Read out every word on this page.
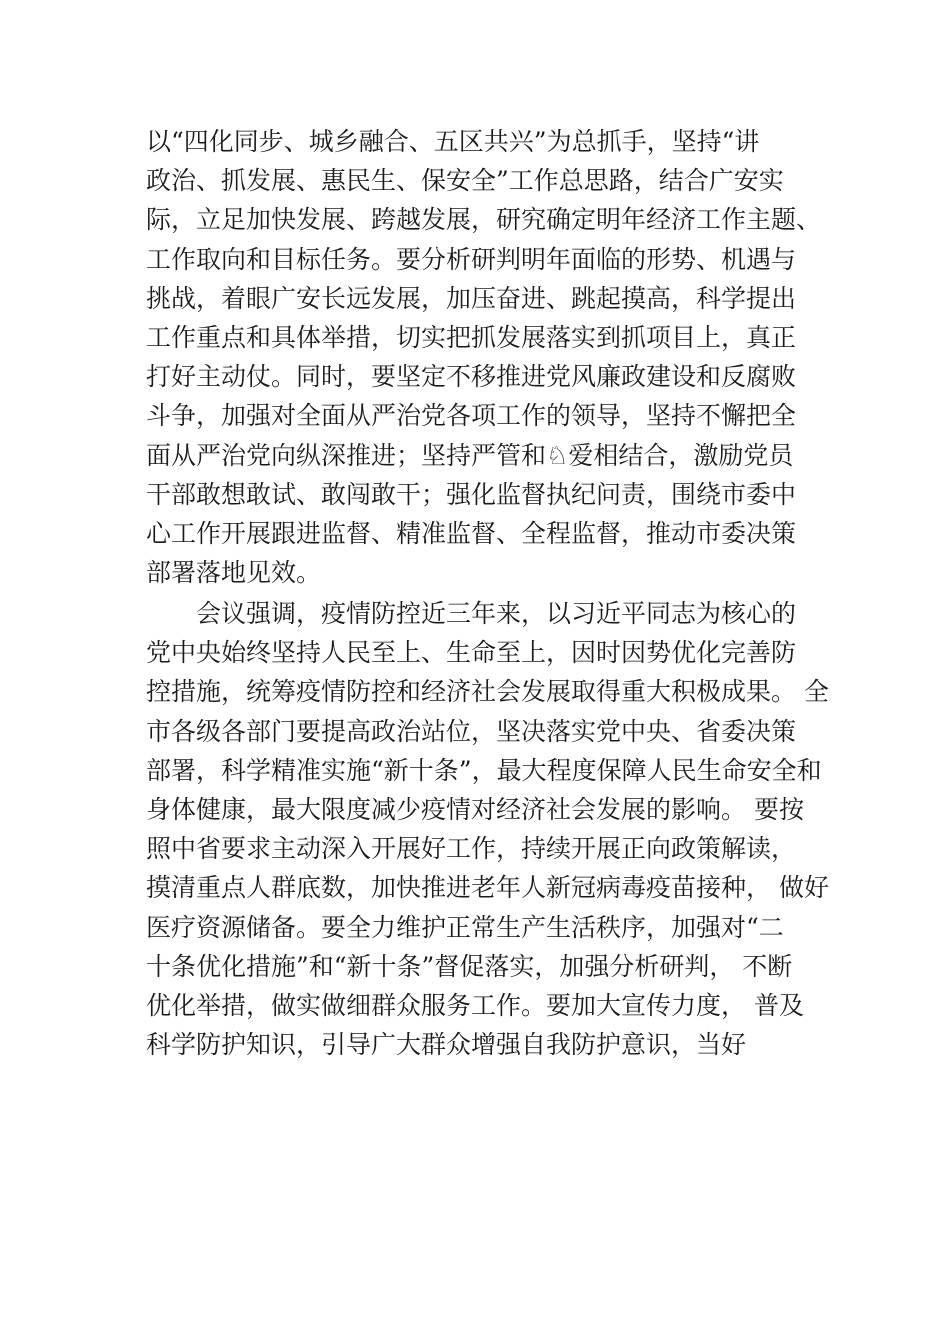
以“四化同步、城乡融合、五区共兴”为总抓手，坚持“讲
政治、抓发展、惠民生、保安全”工作总思路，结合广安实
际，立足加快发展、跨越发展，研究确定明年经济工作主题、
工作取向和目标任务。要分析研判明年面临的形势、机遇与
挑战，着眼广安长远发展，加压奋进、跳起摸高，科学提出
工作重点和具体举措，切实把抓发展落实到抓项目上，真正
打好主动仗。同时，要坚定不移推进党风廉政建设和反腐败
斗争，加强对全面从严治党各项工作的领导，坚持不懈把全
面从严治党向纵深推进；坚持严管和♘爱相结合，激励党员
干部敢想敢试、敢闯敢干；强化监督执纪问责，围绕市委中
心工作开展跟进监督、精准监督、全程监督，推动市委决策
部署落地见效。
会议强调，疫情防控近三年来，以习近平同志为核心的
党中央始终坚持人民至上、生命至上，因时因势优化完善防
控措施，统筹疫情防控和经济社会发展取得重大积极成果。 全
市各级各部门要提高政治站位，坚决落实党中央、省委决策
部署，科学精准实施“新十条”，最大程度保障人民生命安全和
身体健康，最大限度减少疫情对经济社会发展的影响。 要按
照中省要求主动深入开展好工作，持续开展正向政策解读，
摸清重点人群底数，加快推进老年人新冠病毒疫苗接种， 做好
医疗资源储备。要全力维护正常生产生活秩序，加强对“二
十条优化措施”和“新十条”督促落实，加强分析研判， 不断
优化举措，做实做细群众服务工作。要加大宣传力度， 普及
科学防护知识，引导广大群众增强自我防护意识，当好
